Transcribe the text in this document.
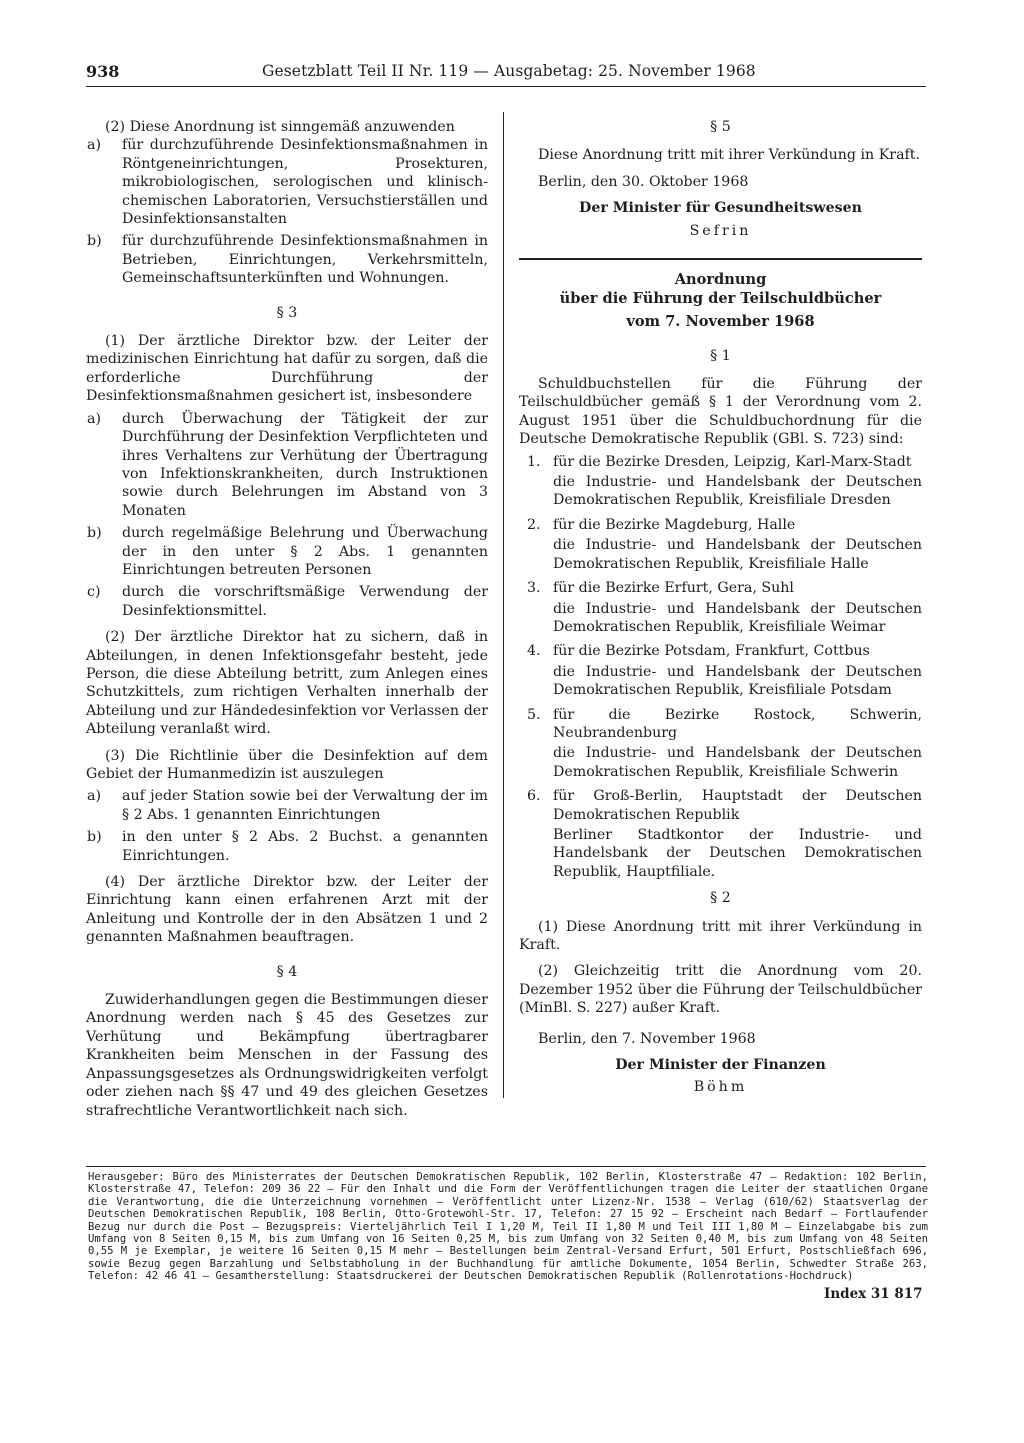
938	Gesetzblatt Teil II Nr. 119 — Ausgabetag: 25. November 1968

(2) Diese Anordnung ist sinngemäß anzuwenden

a)	für durchzuführende Desinfektionsmaßnahmen in Röntgeneinrichtungen, Prosekturen, mikrobiologischen, serologischen und klinisch-chemischen Laboratorien, Versuchstierställen und Desinfektionsanstalten
b)	für durchzuführende Desinfektionsmaßnahmen in Betrieben, Einrichtungen, Verkehrsmitteln, Gemeinschaftsunterkünften und Wohnungen.

§ 3

(1) Der ärztliche Direktor bzw. der Leiter der medizinischen Einrichtung hat dafür zu sorgen, daß die erforderliche Durchführung der Desinfektionsmaßnahmen gesichert ist, insbesondere

a)	durch Überwachung der Tätigkeit der zur Durchführung der Desinfektion Verpflichteten und ihres Verhaltens zur Verhütung der Übertragung von Infektionskrankheiten, durch Instruktionen sowie durch Belehrungen im Abstand von 3 Monaten
b)	durch regelmäßige Belehrung und Überwachung der in den unter § 2 Abs. 1 genannten Einrichtungen betreuten Personen
c)	durch die vorschriftsmäßige Verwendung der Desinfektionsmittel.

(2) Der ärztliche Direktor hat zu sichern, daß in Abteilungen, in denen Infektionsgefahr besteht, jede Person, die diese Abteilung betritt, zum Anlegen eines Schutzkittels, zum richtigen Verhalten innerhalb der Abteilung und zur Händedesinfektion vor Verlassen der Abteilung veranlaßt wird.

(3) Die Richtlinie über die Desinfektion auf dem Gebiet der Humanmedizin ist auszulegen

a)	auf jeder Station sowie bei der Verwaltung der im § 2 Abs. 1 genannten Einrichtungen
b)	in den unter § 2 Abs. 2 Buchst. a genannten Einrichtungen.

(4) Der ärztliche Direktor bzw. der Leiter der Einrichtung kann einen erfahrenen Arzt mit der Anleitung und Kontrolle der in den Absätzen 1 und 2 genannten Maßnahmen beauftragen.

§ 4

Zuwiderhandlungen gegen die Bestimmungen dieser Anordnung werden nach § 45 des Gesetzes zur Verhütung und Bekämpfung übertragbarer Krankheiten beim Menschen in der Fassung des Anpassungsgesetzes als Ordnungswidrigkeiten verfolgt oder ziehen nach §§ 47 und 49 des gleichen Gesetzes strafrechtliche Verantwortlichkeit nach sich.

§ 5

Diese Anordnung tritt mit ihrer Verkündung in Kraft.

Berlin, den 30. Oktober 1968

Der Minister für Gesundheitswesen

Sefrin

Anordnung

über die Führung der Teilschuldbücher

vom 7. November 1968

§ 1

Schuldbuchstellen für die Führung der Teilschuldbücher gemäß § 1 der Verordnung vom 2. August 1951 über die Schuldbuchordnung für die Deutsche Demokratische Republik (GBl. S. 723) sind:

1. für die Bezirke Dresden, Leipzig, Karl-Marx-Stadt

die Industrie- und Handelsbank der Deutschen Demokratischen Republik, Kreisfiliale Dresden

2. für die Bezirke Magdeburg, Halle

die Industrie- und Handelsbank der Deutschen Demokratischen Republik, Kreisfiliale Halle

3. für die Bezirke Erfurt, Gera, Suhl

die Industrie- und Handelsbank der Deutschen Demokratischen Republik, Kreisfiliale Weimar

4. für die Bezirke Potsdam, Frankfurt, Cottbus

die Industrie- und Handelsbank der Deutschen Demokratischen Republik, Kreisfiliale Potsdam

5. für die Bezirke Rostock, Schwerin, Neubrandenburg

die Industrie- und Handelsbank der Deutschen Demokratischen Republik, Kreisfiliale Schwerin

6. für Groß-Berlin, Hauptstadt der Deutschen Demokratischen Republik

Berliner Stadtkontor der Industrie- und Handelsbank der Deutschen Demokratischen Republik, Hauptfiliale.

§ 2

(1) Diese Anordnung tritt mit ihrer Verkündung in Kraft.

(2) Gleichzeitig tritt die Anordnung vom 20. Dezember 1952 über die Führung der Teilschuldbücher (MinBl. S. 227) außer Kraft.

Berlin, den 7. November 1968

Der Minister der Finanzen

Böhm

Herausgeber: Büro des Ministerrates der Deutschen Demokratischen Republik, 102 Berlin, Klosterstraße 47 — Redaktion: 102 Berlin, Klosterstraße 47, Telefon: 209 36 22 — Für den Inhalt und die Form der Veröffentlichungen tragen die Leiter der staatlichen Organe die Verantwortung, die die Unterzeichnung vornehmen — Veröffentlicht unter Lizenz-Nr. 1538 — Verlag (610/62) Staatsverlag der Deutschen Demokratischen Republik, 108 Berlin, Otto-Grotewohl-Str. 17, Telefon: 27 15 92 — Erscheint nach Bedarf — Fortlaufender Bezug nur durch die Post — Bezugspreis: Vierteljährlich Teil I 1,20 M, Teil II 1,80 M und Teil III 1,80 M — Einzelabgabe bis zum Umfang von 8 Seiten 0,15 M, bis zum Umfang von 16 Seiten 0,25 M, bis zum Umfang von 32 Seiten 0,40 M, bis zum Umfang von 48 Seiten 0,55 M je Exemplar, je weitere 16 Seiten 0,15 M mehr — Bestellungen beim Zentral-Versand Erfurt, 501 Erfurt, Postschließfach 696, sowie Bezug gegen Barzahlung und Selbstabholung in der Buchhandlung für amtliche Dokumente, 1054 Berlin, Schwedter Straße 263, Telefon: 42 46 41 — Gesamtherstellung: Staatsdruckerei der Deutschen Demokratischen Republik (Rollenrotations-Hochdruck)
Index 31 817
